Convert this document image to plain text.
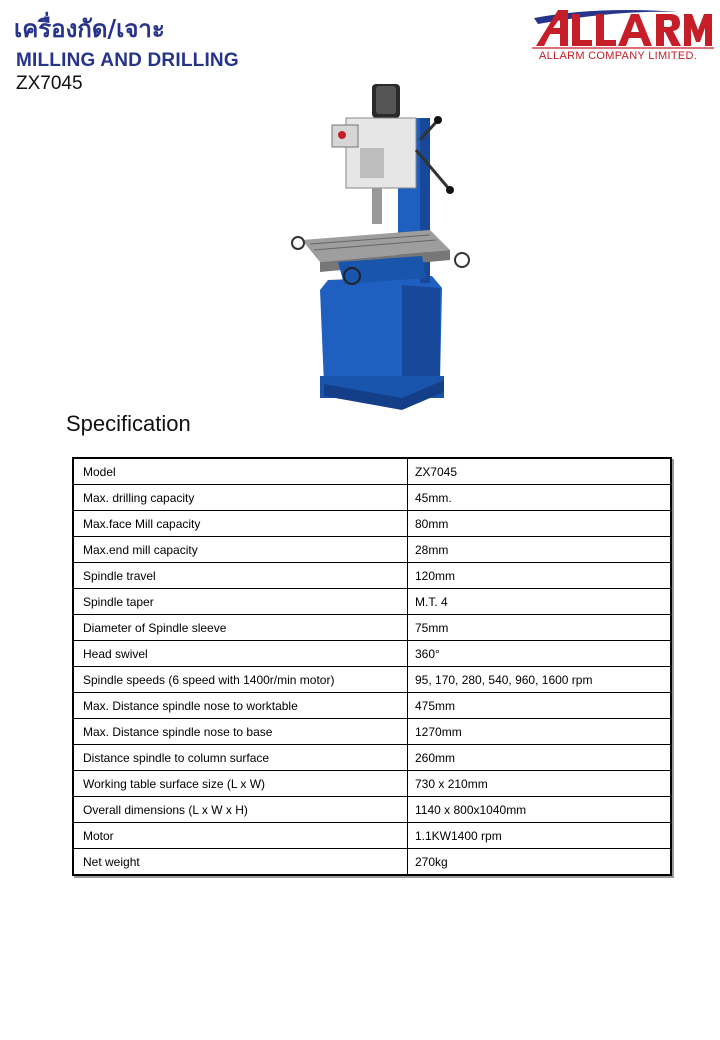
เครื่องกัด/เจาะ
MILLING AND DRILLING
ZX7045
ALLARM COMPANY LIMITED.
Specification
Model	ZX7045
Max. drilling capacity	45mm.
Max.face Mill capacity	80mm
Max.end mill capacity	28mm
Spindle travel	120mm
Spindle taper	M.T. 4
Diameter of Spindle sleeve	75mm
Head swivel	360°
Spindle speeds (6 speed with 1400r/min motor)	95, 170, 280, 540, 960, 1600 rpm
Max. Distance spindle nose to worktable	475mm
Max. Distance spindle nose to base	1270mm
Distance spindle to column surface	260mm
Working table surface size (L x W)	730 x 210mm
Overall dimensions (L x W x H)	1140 x 800x1040mm
Motor	1.1KW1400 rpm
Net weight	270kg
